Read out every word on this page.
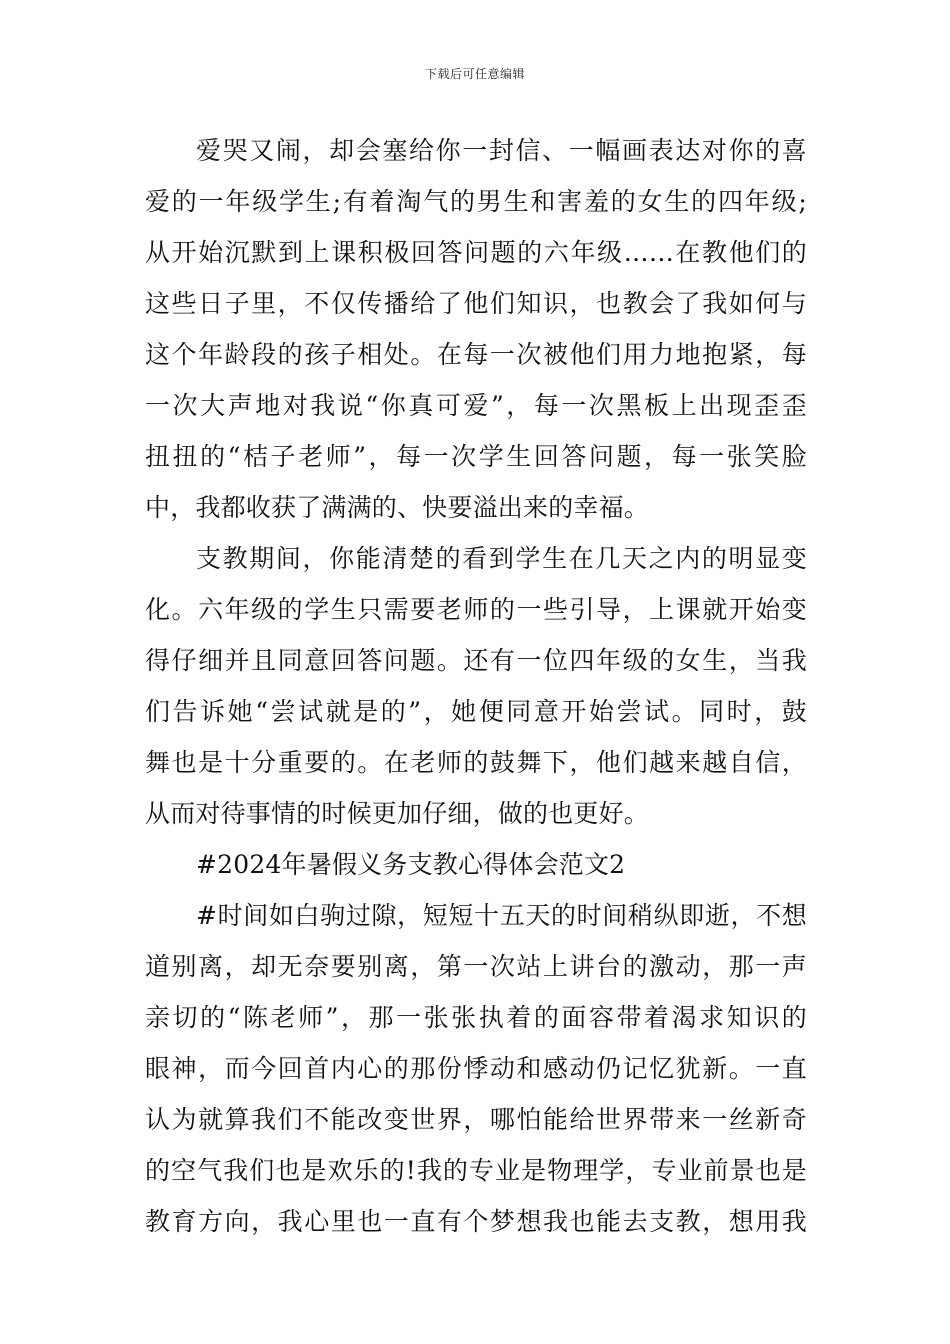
下载后可任意编辑
爱哭又闹，却会塞给你一封信、一幅画表达对你的喜
爱的一年级学生;有着淘气的男生和害羞的女生的四年级;
从开始沉默到上课积极回答问题的六年级……在教他们的
这些日子里，不仅传播给了他们知识，也教会了我如何与
这个年龄段的孩子相处。在每一次被他们用力地抱紧，每
一次大声地对我说“你真可爱”，每一次黑板上出现歪歪
扭扭的“桔子老师”，每一次学生回答问题，每一张笑脸
中，我都收获了满满的、快要溢出来的幸福。
支教期间，你能清楚的看到学生在几天之内的明显变
化。六年级的学生只需要老师的一些引导，上课就开始变
得仔细并且同意回答问题。还有一位四年级的女生，当我
们告诉她“尝试就是的”，她便同意开始尝试。同时，鼓
舞也是十分重要的。在老师的鼓舞下，他们越来越自信，
从而对待事情的时候更加仔细，做的也更好。
#2024年暑假义务支教心得体会范文2
#时间如白驹过隙，短短十五天的时间稍纵即逝，不想
道别离，却无奈要别离，第一次站上讲台的激动，那一声
亲切的“陈老师”，那一张张执着的面容带着渴求知识的
眼神，而今回首内心的那份悸动和感动仍记忆犹新。一直
认为就算我们不能改变世界，哪怕能给世界带来一丝新奇
的空气我们也是欢乐的!我的专业是物理学，专业前景也是
教育方向，我心里也一直有个梦想我也能去支教，想用我
